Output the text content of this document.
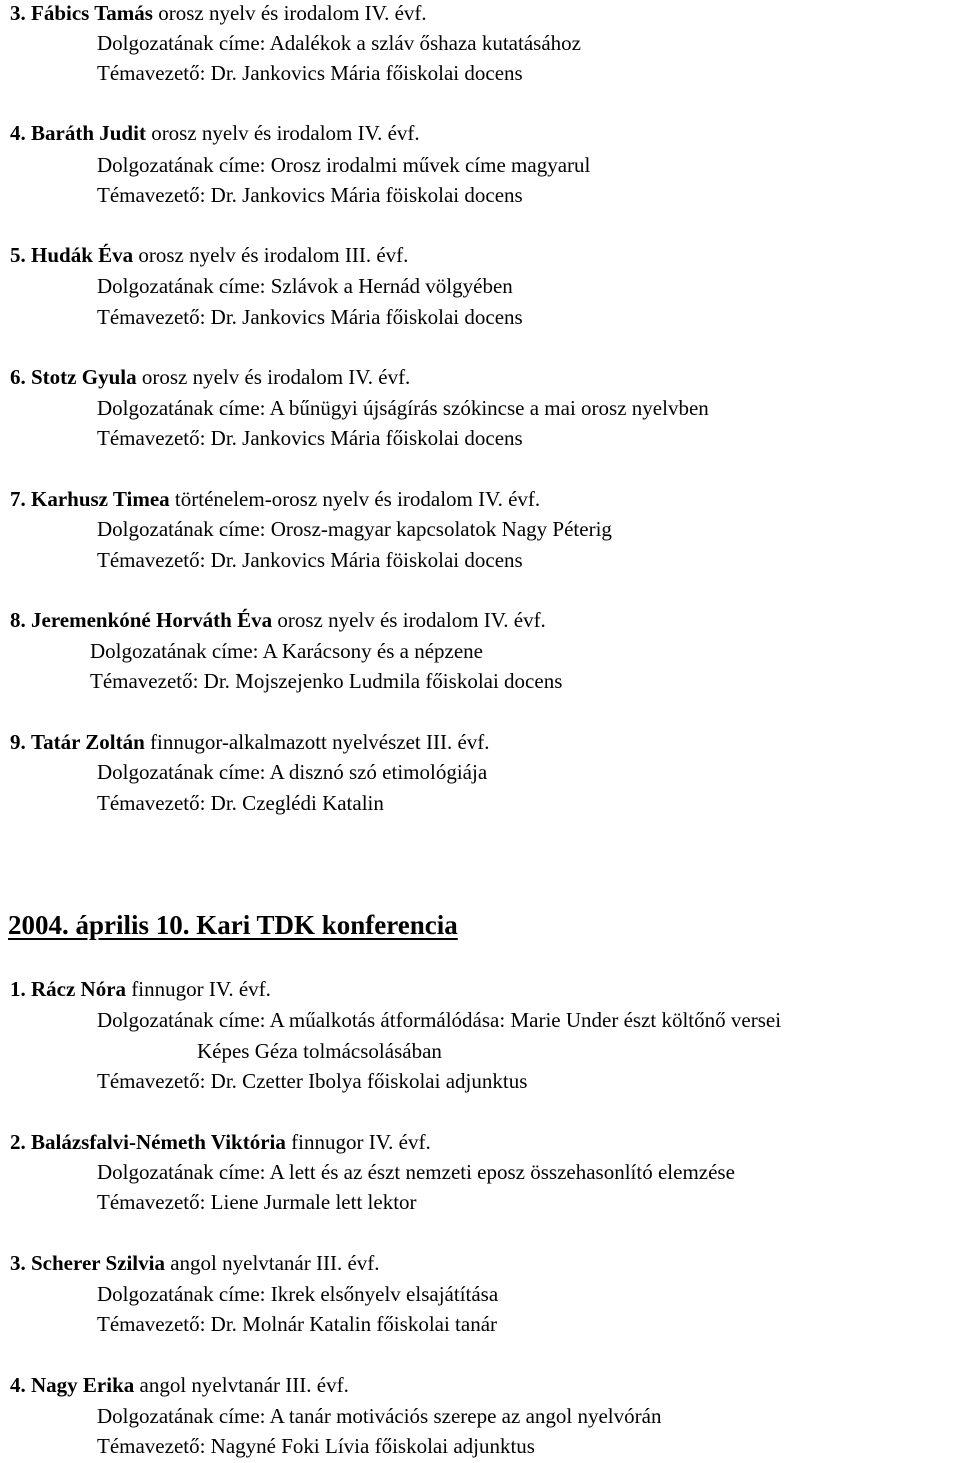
3. Fábics Tamás orosz nyelv és irodalom IV. évf.
Dolgozatának címe: Adalékok a szláv őshaza kutatásához
Témavezető: Dr. Jankovics Mária főiskolai docens
4. Baráth Judit orosz nyelv és irodalom IV. évf.
Dolgozatának címe: Orosz irodalmi művek címe magyarul
Témavezető: Dr. Jankovics Mária föiskolai docens
5. Hudák Éva orosz nyelv és irodalom III. évf.
Dolgozatának címe: Szlávok a Hernád völgyében
Témavezető: Dr. Jankovics Mária főiskolai docens
6. Stotz Gyula orosz nyelv és irodalom IV. évf.
Dolgozatának címe: A bűnügyi újságírás szókincse a mai orosz nyelvben
Témavezető: Dr. Jankovics Mária főiskolai docens
7. Karhusz Timea történelem-orosz nyelv és irodalom IV. évf.
Dolgozatának címe: Orosz-magyar kapcsolatok Nagy Péterig
Témavezető: Dr. Jankovics Mária föiskolai docens
8. Jeremenkóné Horváth Éva orosz nyelv és irodalom IV. évf.
Dolgozatának címe: A Karácsony és a népzene
Témavezető: Dr. Mojszejenko Ludmila főiskolai docens
9. Tatár Zoltán finnugor-alkalmazott nyelvészet III. évf.
Dolgozatának címe: A disznó szó etimológiája
Témavezető: Dr. Czeglédi Katalin
2004. április 10. Kari TDK konferencia
1. Rácz Nóra finnugor IV. évf.
Dolgozatának címe: A műalkotás átformálódása: Marie Under észt költőnő versei
Képes Géza tolmácsolásában
Témavezető: Dr. Czetter Ibolya főiskolai adjunktus
2. Balázsfalvi-Németh Viktória finnugor IV. évf.
Dolgozatának címe: A lett és az észt nemzeti eposz összehasonlító elemzése
Témavezető: Liene Jurmale lett lektor
3. Scherer Szilvia angol nyelvtanár III. évf.
Dolgozatának címe: Ikrek elsőnyelv elsajátítása
Témavezető: Dr. Molnár Katalin főiskolai tanár
4. Nagy Erika angol nyelvtanár III. évf.
Dolgozatának címe: A tanár motivációs szerepe az angol nyelvórán
Témavezető: Nagyné Foki Lívia főiskolai adjunktus
